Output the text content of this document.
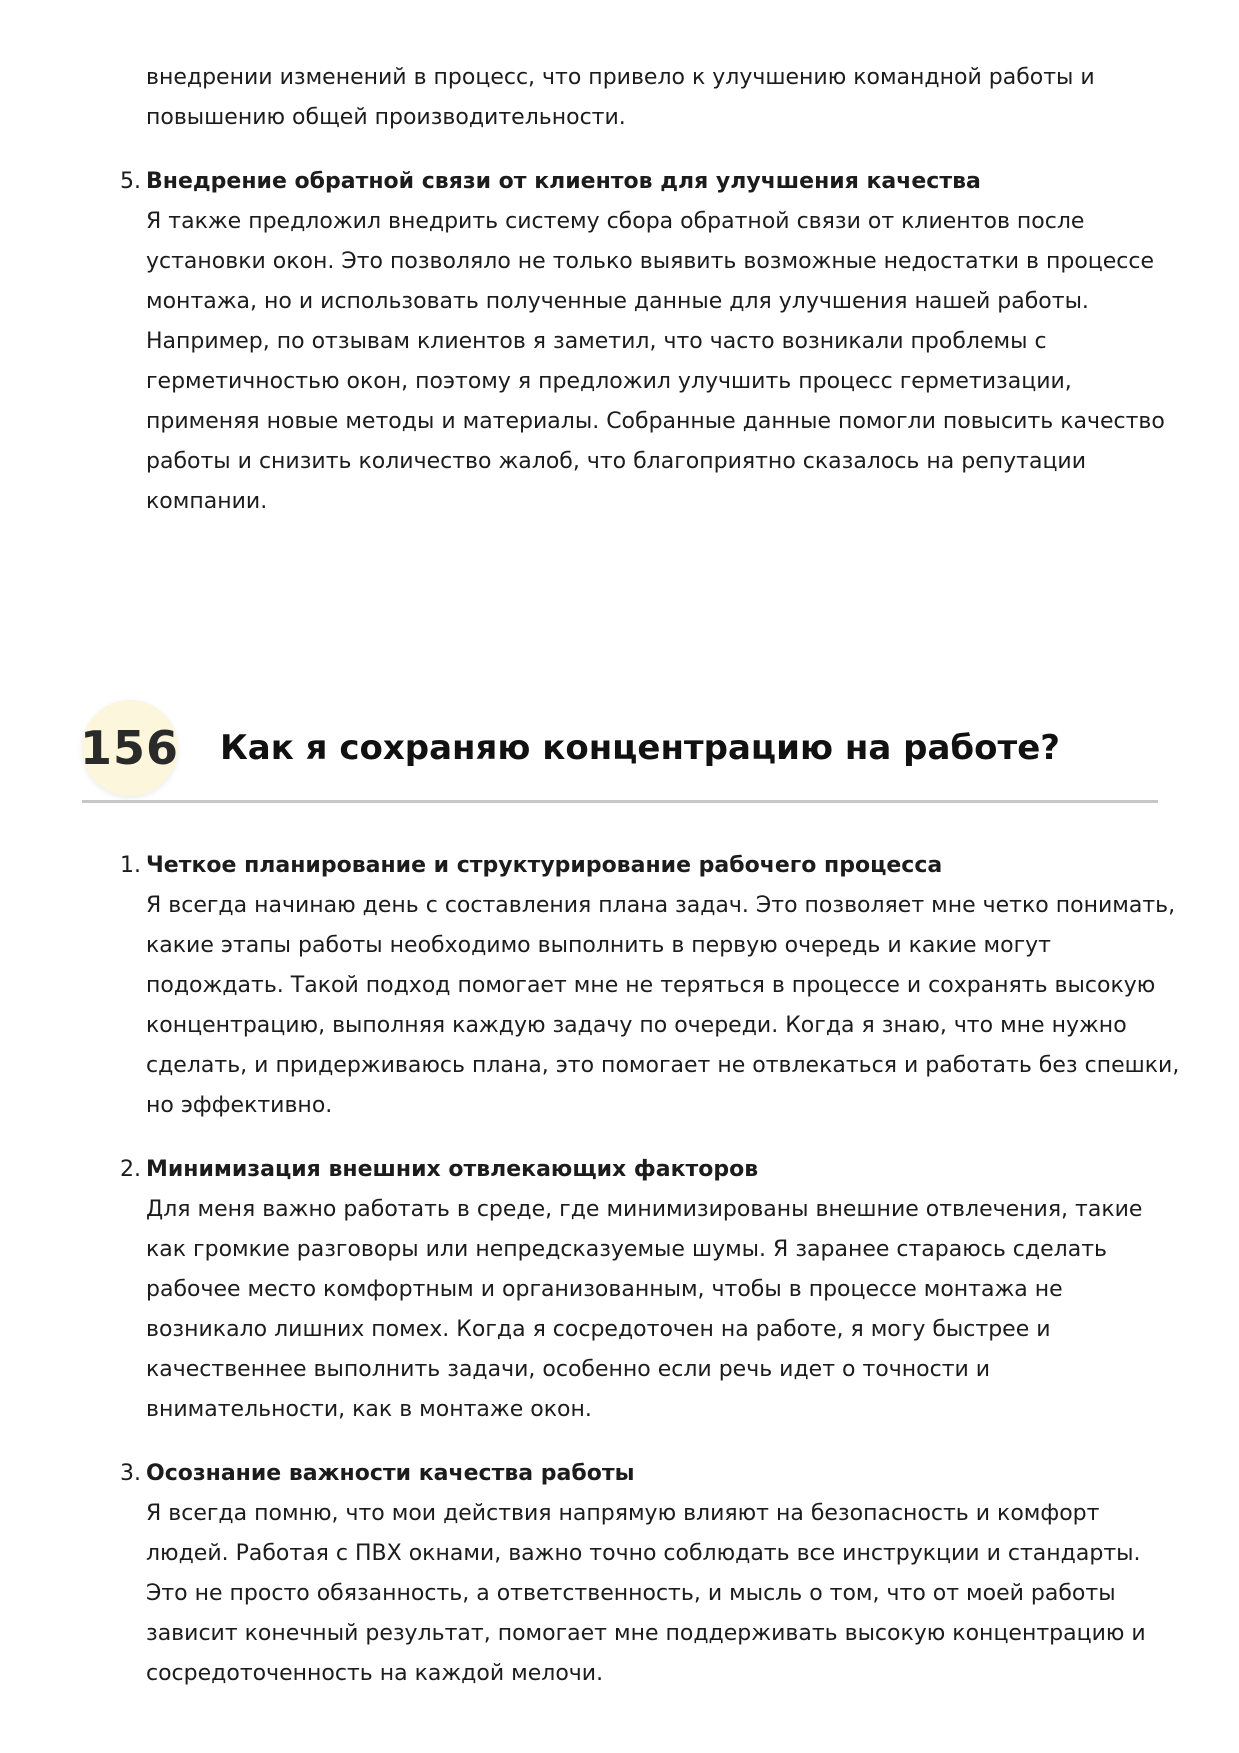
внедрении изменений в процесс, что привело к улучшению командной работы и

повышению общей производительности.

5. Внедрение обратной связи от клиентов для улучшения качества

Я также предложил внедрить систему сбора обратной связи от клиентов после
установки окон. Это позволяло не только выявить возможные недостатки в процессе
монтажа, но и использовать полученные данные для улучшения нашей работы.
Например, по отзывам клиентов я заметил, что часто возникали проблемы с
герметичностью окон, поэтому я предложил улучшить процесс герметизации,
применяя новые методы и материалы. Собранные данные помогли повысить качество
работы и снизить количество жалоб, что благоприятно сказалось на репутации
компании.

156 Как я сохраняю концентрацию на работе?
1. Четкое планирование и структурирование рабочего процесса

Я всегда начинаю день с составления плана задач. Это позволяет мне четко понимать,
какие этапы работы необходимо выполнить в первую очередь и какие могут
подождать. Такой подход помогает мне не теряться в процессе и сохранять высокую
концентрацию, выполняя каждую задачу по очереди. Когда я знаю, что мне нужно
сделать, и придерживаюсь плана, это помогает не отвлекаться и работать без спешки,
но эффективно.

2. Минимизация внешних отвлекающих факторов

Для меня важно работать в среде, где минимизированы внешние отвлечения, такие
как громкие разговоры или непредсказуемые шумы. Я заранее стараюсь сделать
рабочее место комфортным и организованным, чтобы в процессе монтажа не
возникало лишних помех. Когда я сосредоточен на работе, я могу быстрее и
качественнее выполнить задачи, особенно если речь идет о точности и
внимательности, как в монтаже окон.

3. Осознание важности качества работы

Я всегда помню, что мои действия напрямую влияют на безопасность и комфорт
людей. Работая с ПВХ окнами, важно точно соблюдать все инструкции и стандарты.
Это не просто обязанность, а ответственность, и мысль о том, что от моей работы
зависит конечный результат, помогает мне поддерживать высокую концентрацию и
сосредоточенность на каждой мелочи.
